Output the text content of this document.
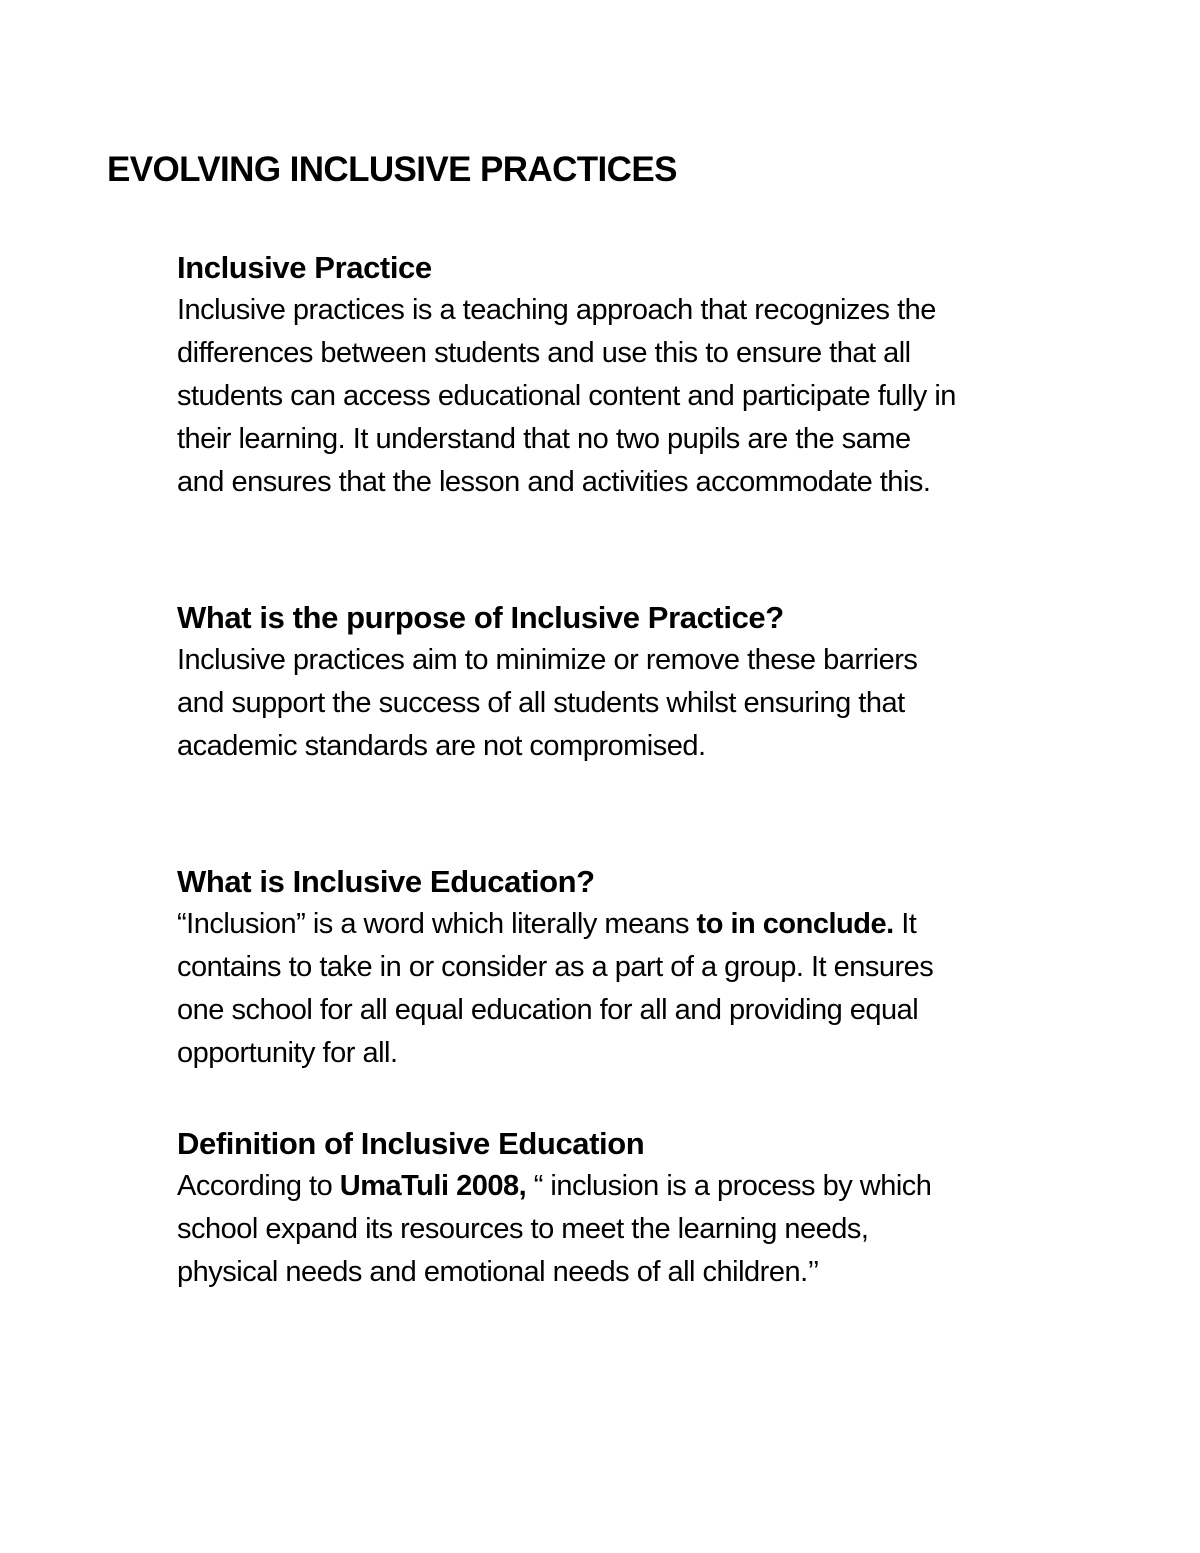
EVOLVING INCLUSIVE PRACTICES
Inclusive Practice

Inclusive practices is a teaching approach that recognizes the
differences between students and use this to ensure that all
students can access educational content and participate fully in
their learning. It understand that no two pupils are the same
and ensures that the lesson and activities accommodate this.

What is the purpose of Inclusive Practice?

Inclusive practices aim to minimize or remove these barriers
and support the success of all students whilst ensuring that
academic standards are not compromised.

What is Inclusive Education?

“Inclusion” is a word which literally means to in conclude. It
contains to take in or consider as a part of a group. It ensures
one school for all equal education for all and providing equal
opportunity for all.

Definition of Inclusive Education

According to UmaTuli 2008, “ inclusion is a process by which
school expand its resources to meet the learning needs,
physical needs and emotional needs of all children.’’
